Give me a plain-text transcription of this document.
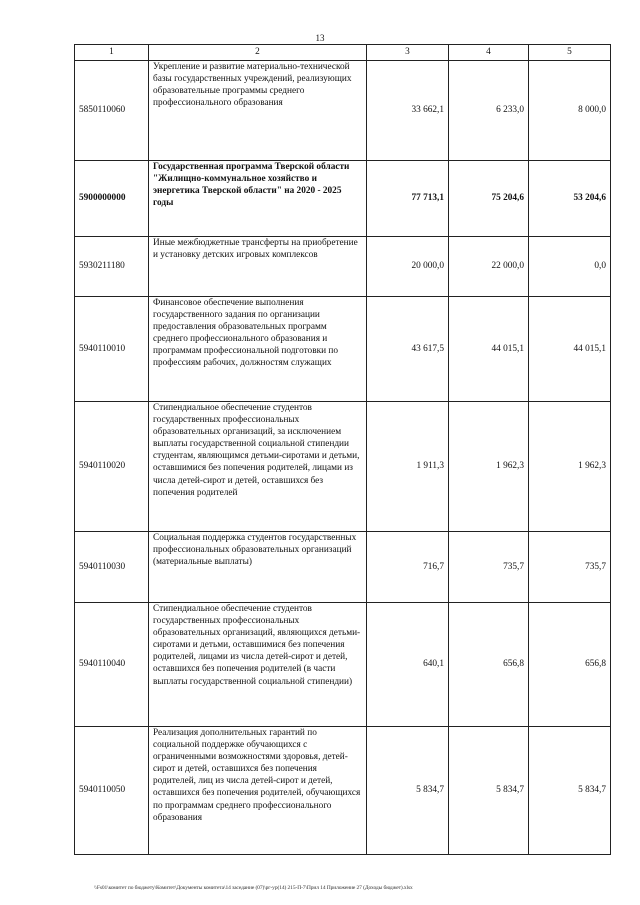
13
1	2	3	4	5
5850110060	Укрепление и развитие материально-технической базы государственных учреждений, реализующих образовательные программы среднего профессионального образования	33 662,1	6 233,0	8 000,0
5900000000	Государственная программа Тверской области "Жилищно-коммунальное хозяйство и энергетика Тверской области" на 2020 - 2025 годы	77 713,1	75 204,6	53 204,6
5930211180	Иные межбюджетные трансферты на приобретение и установку детских игровых комплексов	20 000,0	22 000,0	0,0
5940110010	Финансовое обеспечение выполнения государственного задания по организации предоставления образовательных программ среднего профессионального образования и программам профессиональной подготовки по профессиям рабочих, должностям служащих	43 617,5	44 015,1	44 015,1
5940110020	Стипендиальное обеспечение студентов государственных профессиональных образовательных организаций, за исключением выплаты государственной социальной стипендии студентам, являющимся детьми-сиротами и детьми, оставшимися без попечения родителей, лицами из числа детей-сирот и детей, оставшихся без попечения родителей	1 911,3	1 962,3	1 962,3
5940110030	Социальная поддержка студентов государственных профессиональных образовательных организаций (материальные выплаты)	716,7	735,7	735,7
5940110040	Стипендиальное обеспечение студентов государственных профессиональных образовательных организаций, являющихся детьми-сиротами и детьми, оставшимися без попечения родителей, лицами из числа детей-сирот и детей, оставшихся без попечения родителей (в части выплаты государственной социальной стипендии)	640,1	656,8	656,8
5940110050	Реализация дополнительных гарантий по социальной поддержке обучающихся с ограниченными возможностями здоровья, детей-сирот и детей, оставшихся без попечения родителей, лиц из числа детей-сирот и детей, оставшихся без попечения родителей, обучающихся по программам среднего профессионального образования	5 834,7	5 834,7	5 834,7
\\Fs01\комитет по бюджету\Комитет\Документы комитета\14 заседание (07)\рг-ур(14) 215-П-7\Прил 14 Приложение 27 (Доходы бюджет).xlsx
